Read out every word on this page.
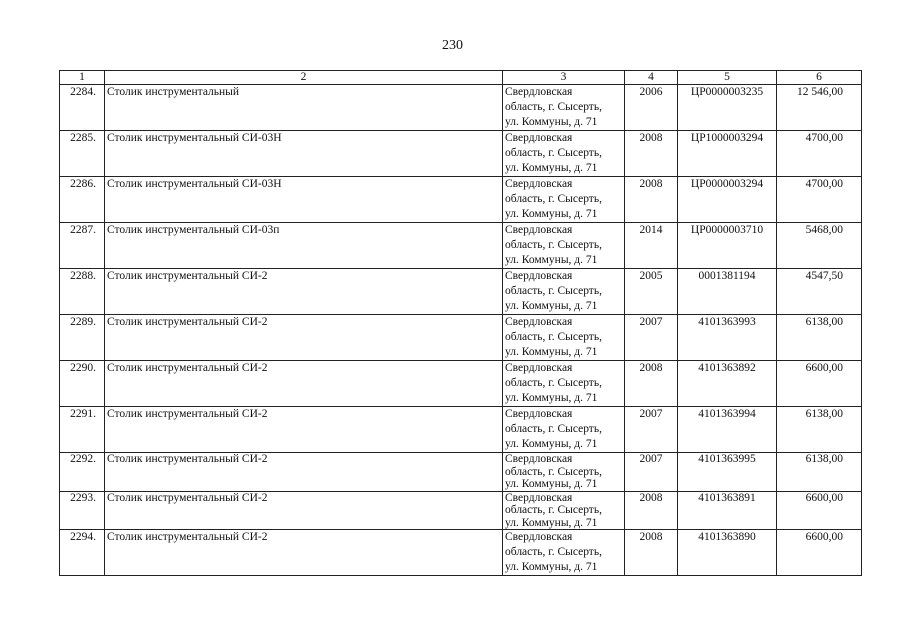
230
1	2	3	4	5	6
2284.	Столик инструментальный	Свердловская
область, г. Сысерть,
ул. Коммуны, д. 71	2006	ЦР0000003235	12 546,00
2285.	Столик инструментальный СИ-03Н	Свердловская
область, г. Сысерть,
ул. Коммуны, д. 71	2008	ЦР1000003294	4700,00
2286.	Столик инструментальный СИ-03Н	Свердловская
область, г. Сысерть,
ул. Коммуны, д. 71	2008	ЦР0000003294	4700,00
2287.	Столик инструментальный СИ-03п	Свердловская
область, г. Сысерть,
ул. Коммуны, д. 71	2014	ЦР0000003710	5468,00
2288.	Столик инструментальный СИ-2	Свердловская
область, г. Сысерть,
ул. Коммуны, д. 71	2005	0001381194	4547,50
2289.	Столик инструментальный СИ-2	Свердловская
область, г. Сысерть,
ул. Коммуны, д. 71	2007	4101363993	6138,00
2290.	Столик инструментальный СИ-2	Свердловская
область, г. Сысерть,
ул. Коммуны, д. 71	2008	4101363892	6600,00
2291.	Столик инструментальный СИ-2	Свердловская
область, г. Сысерть,
ул. Коммуны, д. 71	2007	4101363994	6138,00
2292.	Столик инструментальный СИ-2	Свердловская
область, г. Сысерть,
ул. Коммуны, д. 71	2007	4101363995	6138,00
2293.	Столик инструментальный СИ-2	Свердловская
область, г. Сысерть,
ул. Коммуны, д. 71	2008	4101363891	6600,00
2294.	Столик инструментальный СИ-2	Свердловская
область, г. Сысерть,
ул. Коммуны, д. 71	2008	4101363890	6600,00
